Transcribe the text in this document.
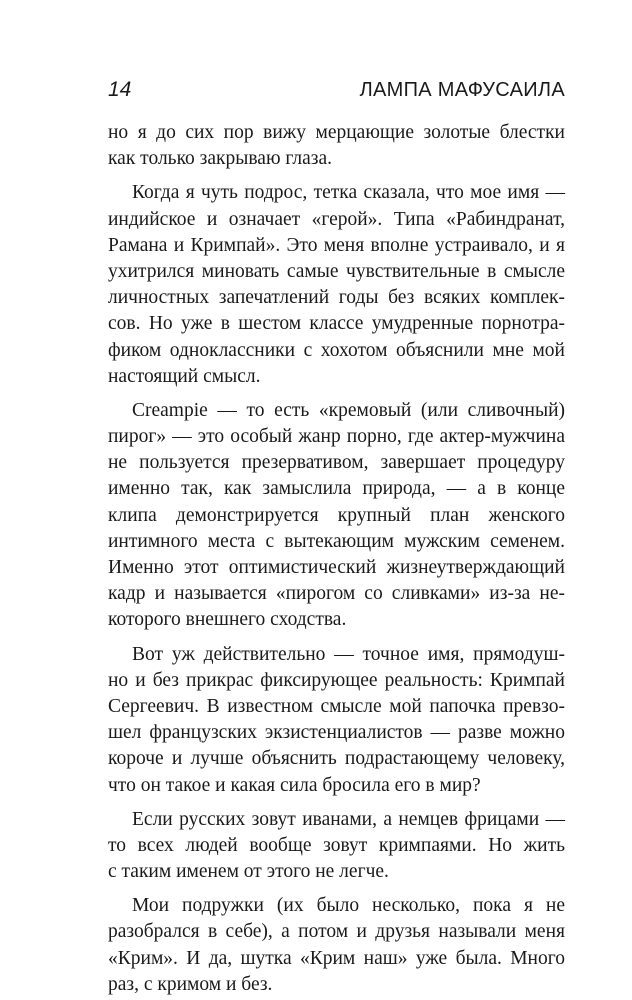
14	ЛАМПА МАФУСАИЛА
но я до сих пор вижу мерцающие золотые блестки
как только закрываю глаза.
Когда я чуть подрос, тетка сказала, что мое имя —
индийское и означает «герой». Типа «Рабиндранат,
Рамана и Кримпай». Это меня вполне устраивало, и я
ухитрился миновать самые чувствительные в смысле
личностных запечатлений годы без всяких комплек-
сов. Но уже в шестом классе умудренные порнотра-
фиком одноклассники с хохотом объяснили мне мой
настоящий смысл.
Creampie — то есть «кремовый (или сливочный)
пирог» — это особый жанр порно, где актер-мужчина
не пользуется презервативом, завершает процедуру
именно так, как замыслила природа, — а в конце
клипа демонстрируется крупный план женского
интимного места с вытекающим мужским семенем.
Именно этот оптимистический жизнеутверждающий
кадр и называется «пирогом со сливками» из-за не-
которого внешнего сходства.
Вот уж действительно — точное имя, прямодуш-
но и без прикрас фиксирующее реальность: Кримпай
Сергеевич. В известном смысле мой папочка превзо-
шел французских экзистенциалистов — разве можно
короче и лучше объяснить подрастающему человеку,
что он такое и какая сила бросила его в мир?
Если русских зовут иванами, а немцев фрицами —
то всех людей вообще зовут кримпаями. Но жить
с таким именем от этого не легче.
Мои подружки (их было несколько, пока я не
разобрался в себе), а потом и друзья называли меня
«Крим». И да, шутка «Крим наш» уже была. Много
раз, с кримом и без.
